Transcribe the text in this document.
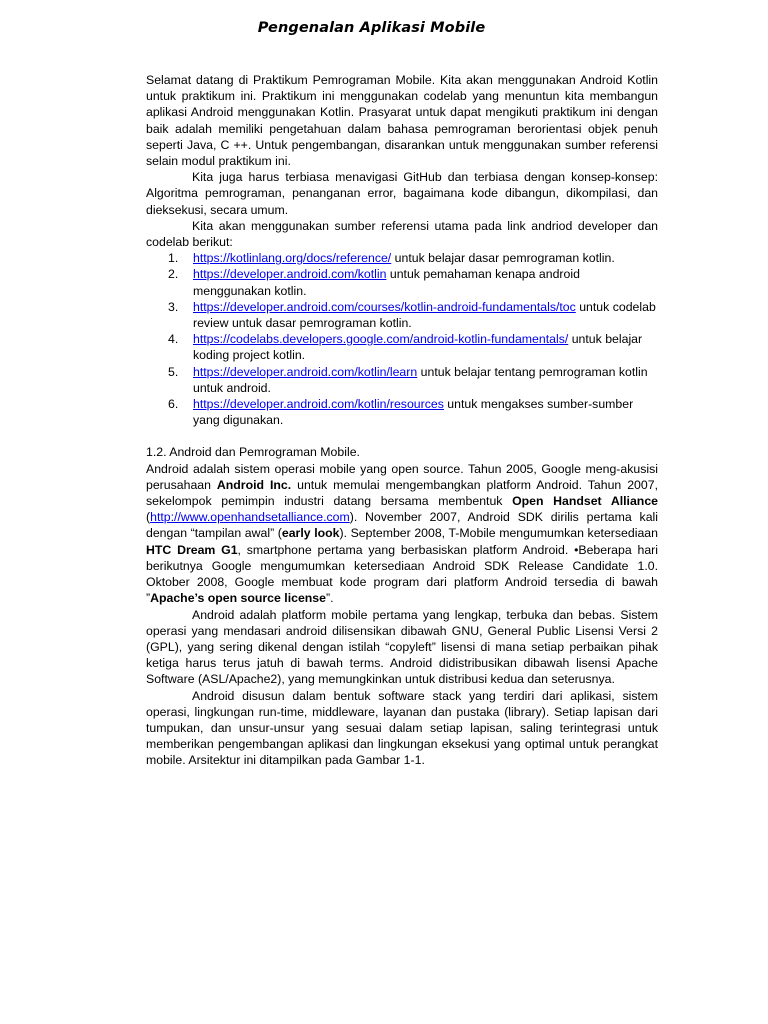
Pengenalan Aplikasi Mobile

Selamat datang di Praktikum Pemrograman Mobile. Kita akan menggunakan Android Kotlin untuk praktikum ini. Praktikum ini menggunakan codelab yang menuntun kita membangun aplikasi Android menggunakan Kotlin. Prasyarat untuk dapat mengikuti praktikum ini dengan baik adalah memiliki pengetahuan dalam bahasa pemrograman berorientasi objek penuh seperti Java, C ++. Untuk pengembangan, disarankan untuk menggunakan sumber referensi selain modul praktikum ini.

Kita juga harus terbiasa menavigasi GitHub dan terbiasa dengan konsep-konsep: Algoritma pemrograman, penanganan error, bagaimana kode dibangun, dikompilasi, dan dieksekusi, secara umum.

Kita akan menggunakan sumber referensi utama pada link andriod developer dan codelab berikut:

1. https://kotlinlang.org/docs/reference/ untuk belajar dasar pemrograman kotlin.
2. https://developer.android.com/kotlin untuk pemahaman kenapa android menggunakan kotlin.
3. https://developer.android.com/courses/kotlin-android-fundamentals/toc untuk codelab review untuk dasar pemrograman kotlin.
4. https://codelabs.developers.google.com/android-kotlin-fundamentals/ untuk belajar koding project kotlin.
5. https://developer.android.com/kotlin/learn untuk belajar tentang pemrograman kotlin untuk android.
6. https://developer.android.com/kotlin/resources untuk mengakses sumber-sumber yang digunakan.

1.2. Android dan Pemrograman Mobile.

Android adalah sistem operasi mobile yang open source. Tahun 2005, Google meng-akusisi perusahaan Android Inc. untuk memulai mengembangkan platform Android. Tahun 2007, sekelompok pemimpin industri datang bersama membentuk Open Handset Alliance (http://www.openhandsetalliance.com). November 2007, Android SDK dirilis pertama kali dengan “tampilan awal” (early look). September 2008, T-Mobile mengumumkan ketersediaan HTC Dream G1, smartphone pertama yang berbasiskan platform Android. •Beberapa hari berikutnya Google mengumumkan ketersediaan Android SDK Release Candidate 1.0. Oktober 2008, Google membuat kode program dari platform Android tersedia di bawah ”Apache’s open source license”.

Android adalah platform mobile pertama yang lengkap, terbuka dan bebas. Sistem operasi yang mendasari android dilisensikan dibawah GNU, General Public Lisensi Versi 2 (GPL), yang sering dikenal dengan istilah “copyleft” lisensi di mana setiap perbaikan pihak ketiga harus terus jatuh di bawah terms. Android didistribusikan dibawah lisensi Apache Software (ASL/Apache2), yang memungkinkan untuk distribusi kedua dan seterusnya.

Android disusun dalam bentuk software stack yang terdiri dari aplikasi, sistem operasi, lingkungan run-time, middleware, layanan dan pustaka (library). Setiap lapisan dari tumpukan, dan unsur-unsur yang sesuai dalam setiap lapisan, saling terintegrasi untuk memberikan pengembangan aplikasi dan lingkungan eksekusi yang optimal untuk perangkat mobile. Arsitektur ini ditampilkan pada Gambar 1-1.
